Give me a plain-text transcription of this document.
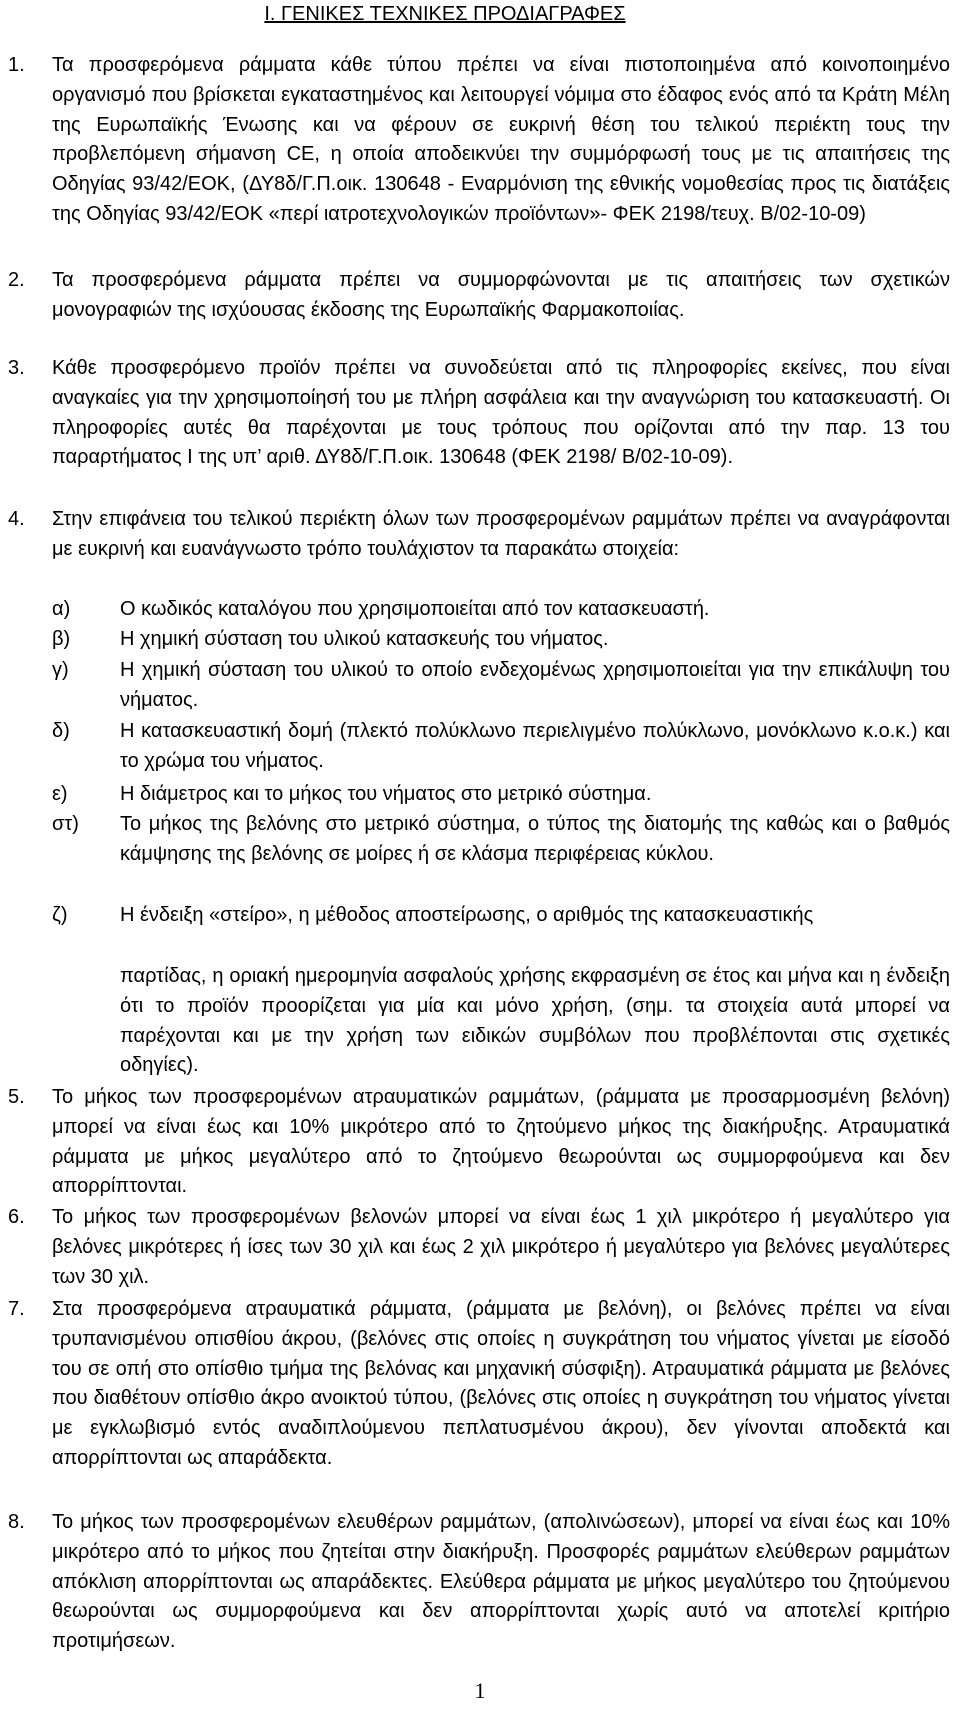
Ι. ΓΕΝΙΚΕΣ ΤΕΧΝΙΚΕΣ ΠΡΟΔΙΑΓΡΑΦΕΣ
1.	Τα προσφερόμενα ράμματα κάθε τύπου πρέπει να είναι πιστοποιημένα από κοινοποιημένο οργανισμό που βρίσκεται εγκαταστημένος και λειτουργεί νόμιμα στο έδαφος ενός από τα Κράτη Μέλη της Ευρωπαϊκής Ένωσης και να φέρουν σε ευκρινή θέση του τελικού περιέκτη τους την προβλεπόμενη σήμανση CE, η οποία αποδεικνύει την συμμόρφωσή τους με τις απαιτήσεις της Οδηγίας 93/42/ΕΟΚ, (ΔΥ8δ/Γ.Π.οικ. 130648 - Εναρμόνιση της εθνικής νομοθεσίας προς τις διατάξεις της Οδηγίας 93/42/ΕΟΚ «περί ιατροτεχνολογικών προϊόντων»- ΦΕΚ 2198/τευχ. Β/02-10-09)
2.	Τα προσφερόμενα ράμματα πρέπει να συμμορφώνονται με τις απαιτήσεις των σχετικών μονογραφιών της ισχύουσας έκδοσης της Ευρωπαϊκής Φαρμακοποιίας.
3.	Κάθε προσφερόμενο προϊόν πρέπει να συνοδεύεται από τις πληροφορίες εκείνες, που είναι αναγκαίες για την χρησιμοποίησή του με πλήρη ασφάλεια και την αναγνώριση του κατασκευαστή. Οι πληροφορίες αυτές θα παρέχονται με τους τρόπους που ορίζονται από την παρ. 13 του παραρτήματος Ι της υπ’ αριθ. ΔΥ8δ/Γ.Π.οικ. 130648 (ΦΕΚ 2198/ Β/02-10-09).
4.	Στην επιφάνεια του τελικού περιέκτη όλων των προσφερομένων ραμμάτων πρέπει να αναγράφονται με ευκρινή και ευανάγνωστο τρόπο τουλάχιστον τα παρακάτω στοιχεία:
α)	Ο κωδικός καταλόγου που χρησιμοποιείται από τον κατασκευαστή.
β)	Η χημική σύσταση του υλικού κατασκευής του νήματος.
γ)	Η χημική σύσταση του υλικού το οποίο ενδεχομένως χρησιμοποιείται για την επικάλυψη του νήματος.
δ)	Η κατασκευαστική δομή (πλεκτό πολύκλωνο περιελιγμένο πολύκλωνο, μονόκλωνο κ.ο.κ.) και το χρώμα του νήματος.
ε)	Η διάμετρος και το μήκος του νήματος στο μετρικό σύστημα.
στ)	Το μήκος της βελόνης στο μετρικό σύστημα, ο τύπος της διατομής της καθώς και ο βαθμός κάμψησης της βελόνης σε μοίρες ή σε κλάσμα περιφέρειας κύκλου.
ζ)	Η ένδειξη «στείρο», η μέθοδος αποστείρωσης, ο αριθμός της κατασκευαστικής
παρτίδας, η οριακή ημερομηνία ασφαλούς χρήσης εκφρασμένη σε έτος και μήνα και η ένδειξη ότι το προϊόν προορίζεται για μία και μόνο χρήση, (σημ. τα στοιχεία αυτά μπορεί να παρέχονται και με την χρήση των ειδικών συμβόλων που προβλέπονται στις σχετικές οδηγίες).
5.	Το μήκος των προσφερομένων ατραυματικών ραμμάτων, (ράμματα με προσαρμοσμένη βελόνη) μπορεί να είναι έως και 10% μικρότερο από το ζητούμενο μήκος της διακήρυξης. Ατραυματικά ράμματα με μήκος μεγαλύτερο από το ζητούμενο θεωρούνται ως συμμορφούμενα και δεν απορρίπτονται.
6.	Το μήκος των προσφερομένων βελονών μπορεί να είναι έως 1 χιλ μικρότερο ή μεγαλύτερο για βελόνες μικρότερες ή ίσες των 30 χιλ και έως 2 χιλ μικρότερο ή μεγαλύτερο για βελόνες μεγαλύτερες των 30 χιλ.
7.	Στα προσφερόμενα ατραυματικά ράμματα, (ράμματα με βελόνη), οι βελόνες πρέπει να είναι τρυπανισμένου οπισθίου άκρου, (βελόνες στις οποίες η συγκράτηση του νήματος γίνεται με είσοδό του σε οπή στο οπίσθιο τμήμα της βελόνας και μηχανική σύσφιξη). Ατραυματικά ράμματα με βελόνες που διαθέτουν οπίσθιο άκρο ανοικτού τύπου, (βελόνες στις οποίες η συγκράτηση του νήματος γίνεται με εγκλωβισμό εντός αναδιπλούμενου πεπλατυσμένου άκρου), δεν γίνονται αποδεκτά και απορρίπτονται ως απαράδεκτα.
8.	Το μήκος των προσφερομένων ελευθέρων ραμμάτων, (απολινώσεων), μπορεί να είναι έως και 10% μικρότερο από το μήκος που ζητείται στην διακήρυξη. Προσφορές ραμμάτων ελεύθερων ραμμάτων απόκλιση απορρίπτονται ως απαράδεκτες. Ελεύθερα ράμματα με μήκος μεγαλύτερο του ζητούμενου θεωρούνται ως συμμορφούμενα και δεν απορρίπτονται χωρίς αυτό να αποτελεί κριτήριο προτιμήσεων.
1
